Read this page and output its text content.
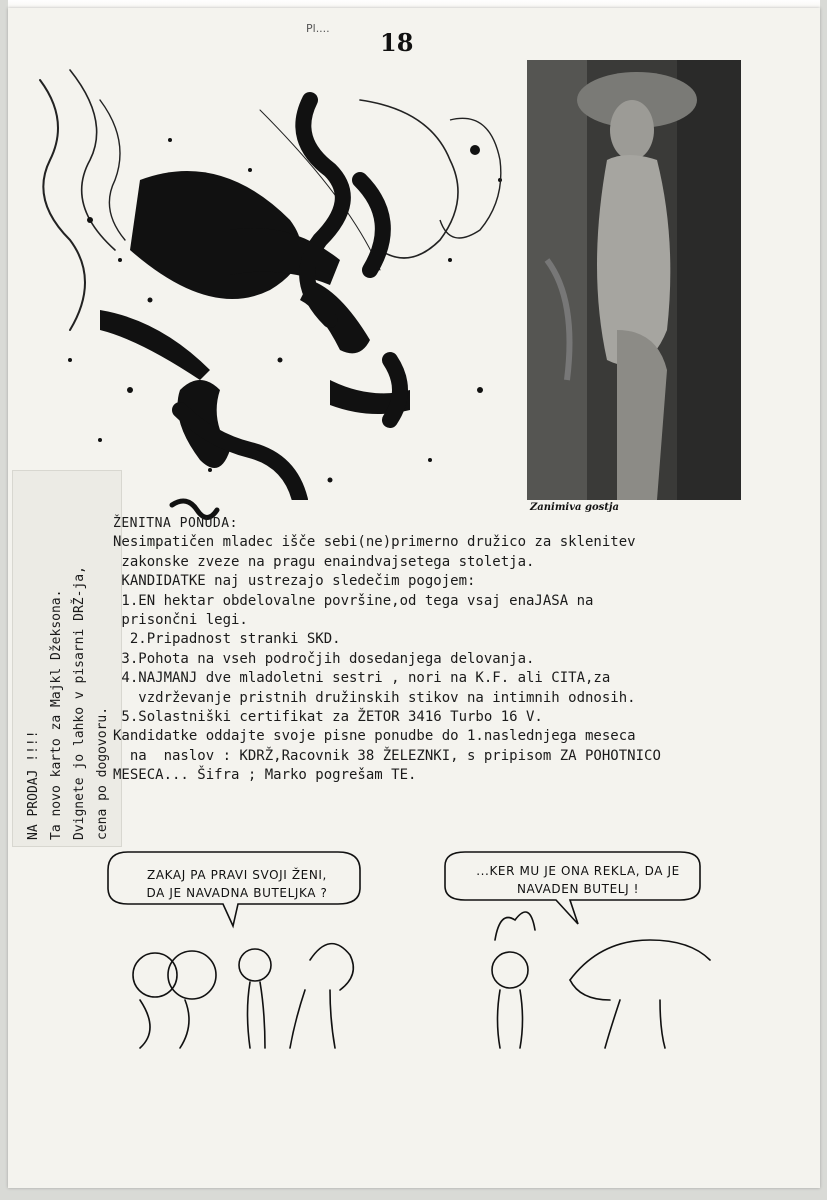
Pl.... 18
Zanimiva gostja
NA PRODAJ !!!! Ta novo karto za Majkl Džeksona. Dvignete jo lahko v pisarni DRŽ-ja, cena po dogovoru.
ŽENITNA PONUDA:
Nesimpatičen mladec išče sebi(ne)primerno družico za sklenitev
zakonske zveze na pragu enaindvajsetega stoletja.
KANDIDATKE naj ustrezajo sledečim pogojem:
1.EN hektar obdelovalne površine,od tega vsaj enaJASA na
prisončni legi.
2.Pripadnost stranki SKD.
3.Pohota na vseh področjih dosedanjega delovanja.
4.NAJMANJ dve mladoletni sestri , nori na K.F. ali CITA,za
vzdrževanje pristnih družinskih stikov na intimnih odnosih.
5.Solastniški certifikat za ŽETOR 3416 Turbo 16 V.
Kandidatke oddajte svoje pisne ponudbe do 1.naslednjega meseca
na  naslov : KDRŽ,Racovnik 38 ŽELEZNKI, s pripisom ZA POHOTNICO
MESECA... Šifra ; Marko pogrešam TE.
ZAKAJ PA PRAVI SVOJI ŽENI,
DA JE NAVADNA BUTELJKA ?
...KER MU JE ONA REKLA, DA JE
NAVADEN BUTELJ !
